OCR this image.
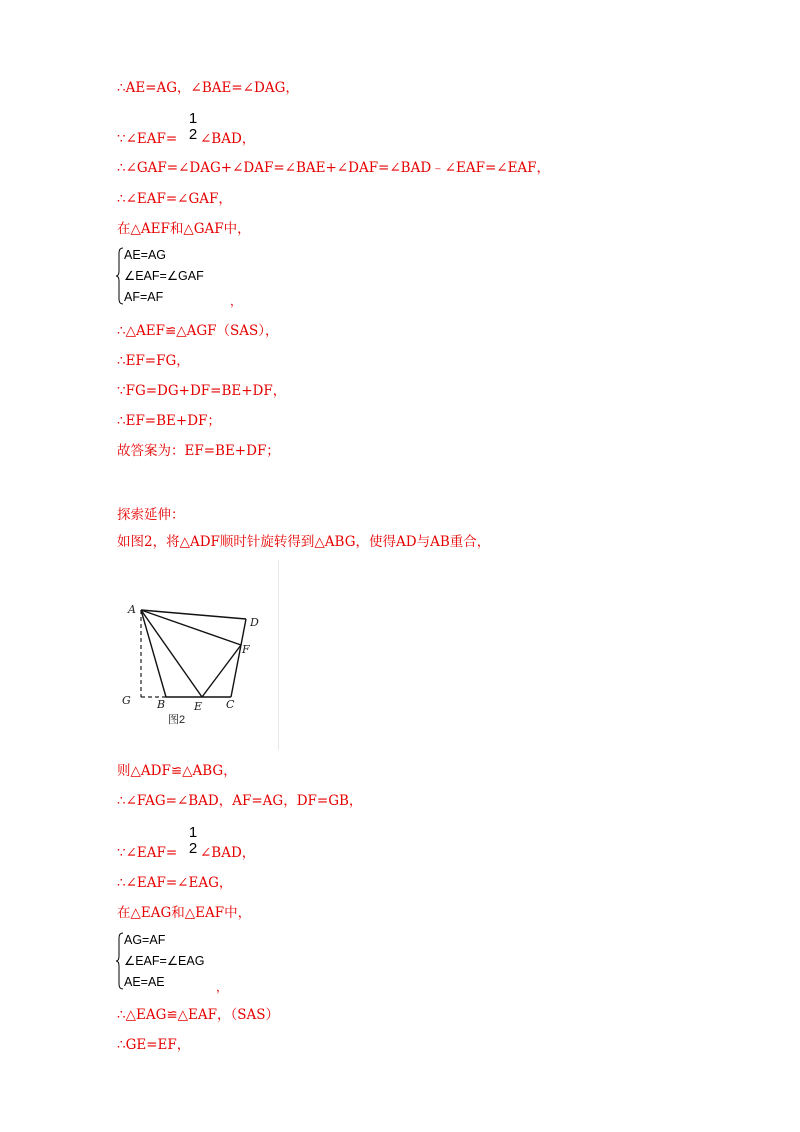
∴AE=AG，∠BAE=∠DAG，
∵∠EAF=
1
2 ∠BAD，
∴∠GAF=∠DAG+∠DAF=∠BAE+∠DAF=∠BAD﹣∠EAF=∠EAF，
∴∠EAF=∠GAF，
在△AEF和△GAF中，
AE=AG
∠EAF=∠GAF
AF=AF	，
∴△AEF≌△AGF（SAS），
∴EF=FG，
∵FG=DG+DF=BE+DF，
∴EF=BE+DF；
故答案为：EF=BE+DF；
探索延伸：
如图2，将△ADF顺时针旋转得到△ABG，使得AD与AB重合，
A
D
F
G B	E C
图2
则△ADF≌△ABG，
∴∠FAG=∠BAD，AF=AG，DF=GB，
∵∠EAF=
1
2 ∠BAD，
∴∠EAF=∠EAG，
在△EAG和△EAF中，
AG=AF
∠EAF=∠EAG
AE=AE	，
∴△EAG≌△EAF，（SAS）
∴GE=EF，
